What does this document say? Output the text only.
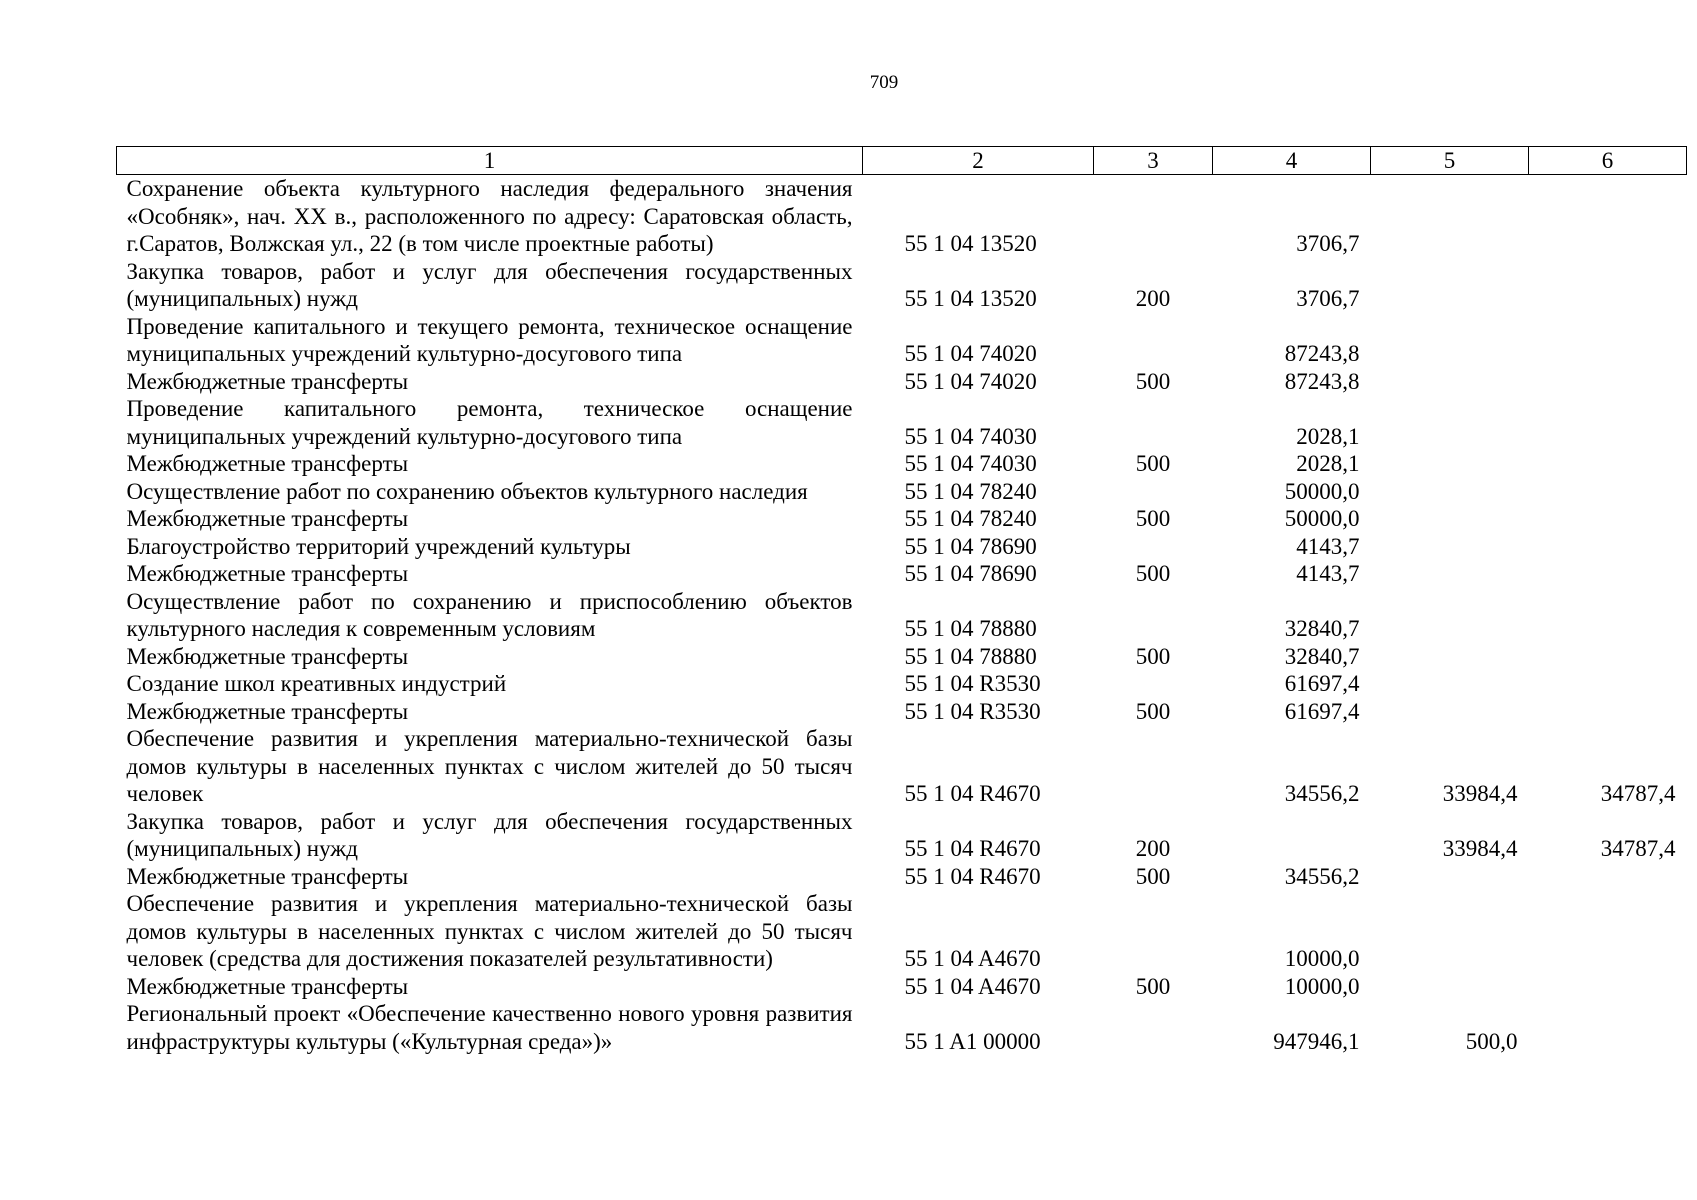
709
1	2	3	4	5	6
Сохранение объекта культурного наследия федерального значения «Особняк», нач. XX в., расположенного по адресу: Саратовская область, г.Саратов, Волжская ул., 22 (в том числе проектные работы)	55 1 04 13520		3706,7		
Закупка товаров, работ и услуг для обеспечения государственных (муниципальных) нужд	55 1 04 13520	200	3706,7		
Проведение капитального и текущего ремонта, техническое оснащение муниципальных учреждений культурно-досугового типа	55 1 04 74020		87243,8		
Межбюджетные трансферты	55 1 04 74020	500	87243,8		
Проведение капитального ремонта, техническое оснащение муниципальных учреждений культурно-досугового типа	55 1 04 74030		2028,1		
Межбюджетные трансферты	55 1 04 74030	500	2028,1		
Осуществление работ по сохранению объектов культурного наследия	55 1 04 78240		50000,0		
Межбюджетные трансферты	55 1 04 78240	500	50000,0		
Благоустройство территорий учреждений культуры	55 1 04 78690		4143,7		
Межбюджетные трансферты	55 1 04 78690	500	4143,7		
Осуществление работ по сохранению и приспособлению объектов культурного наследия к современным условиям	55 1 04 78880		32840,7		
Межбюджетные трансферты	55 1 04 78880	500	32840,7		
Создание школ креативных индустрий	55 1 04 R3530		61697,4		
Межбюджетные трансферты	55 1 04 R3530	500	61697,4		
Обеспечение развития и укрепления материально-технической базы домов культуры в населенных пунктах с числом жителей до 50 тысяч человек	55 1 04 R4670		34556,2	33984,4	34787,4
Закупка товаров, работ и услуг для обеспечения государственных (муниципальных) нужд	55 1 04 R4670	200		33984,4	34787,4
Межбюджетные трансферты	55 1 04 R4670	500	34556,2		
Обеспечение развития и укрепления материально-технической базы домов культуры в населенных пунктах с числом жителей до 50 тысяч человек (средства для достижения показателей результативности)	55 1 04 A4670		10000,0		
Межбюджетные трансферты	55 1 04 A4670	500	10000,0		
Региональный проект «Обеспечение качественно нового уровня развития инфраструктуры культуры («Культурная среда»)»	55 1 A1 00000		947946,1	500,0	
